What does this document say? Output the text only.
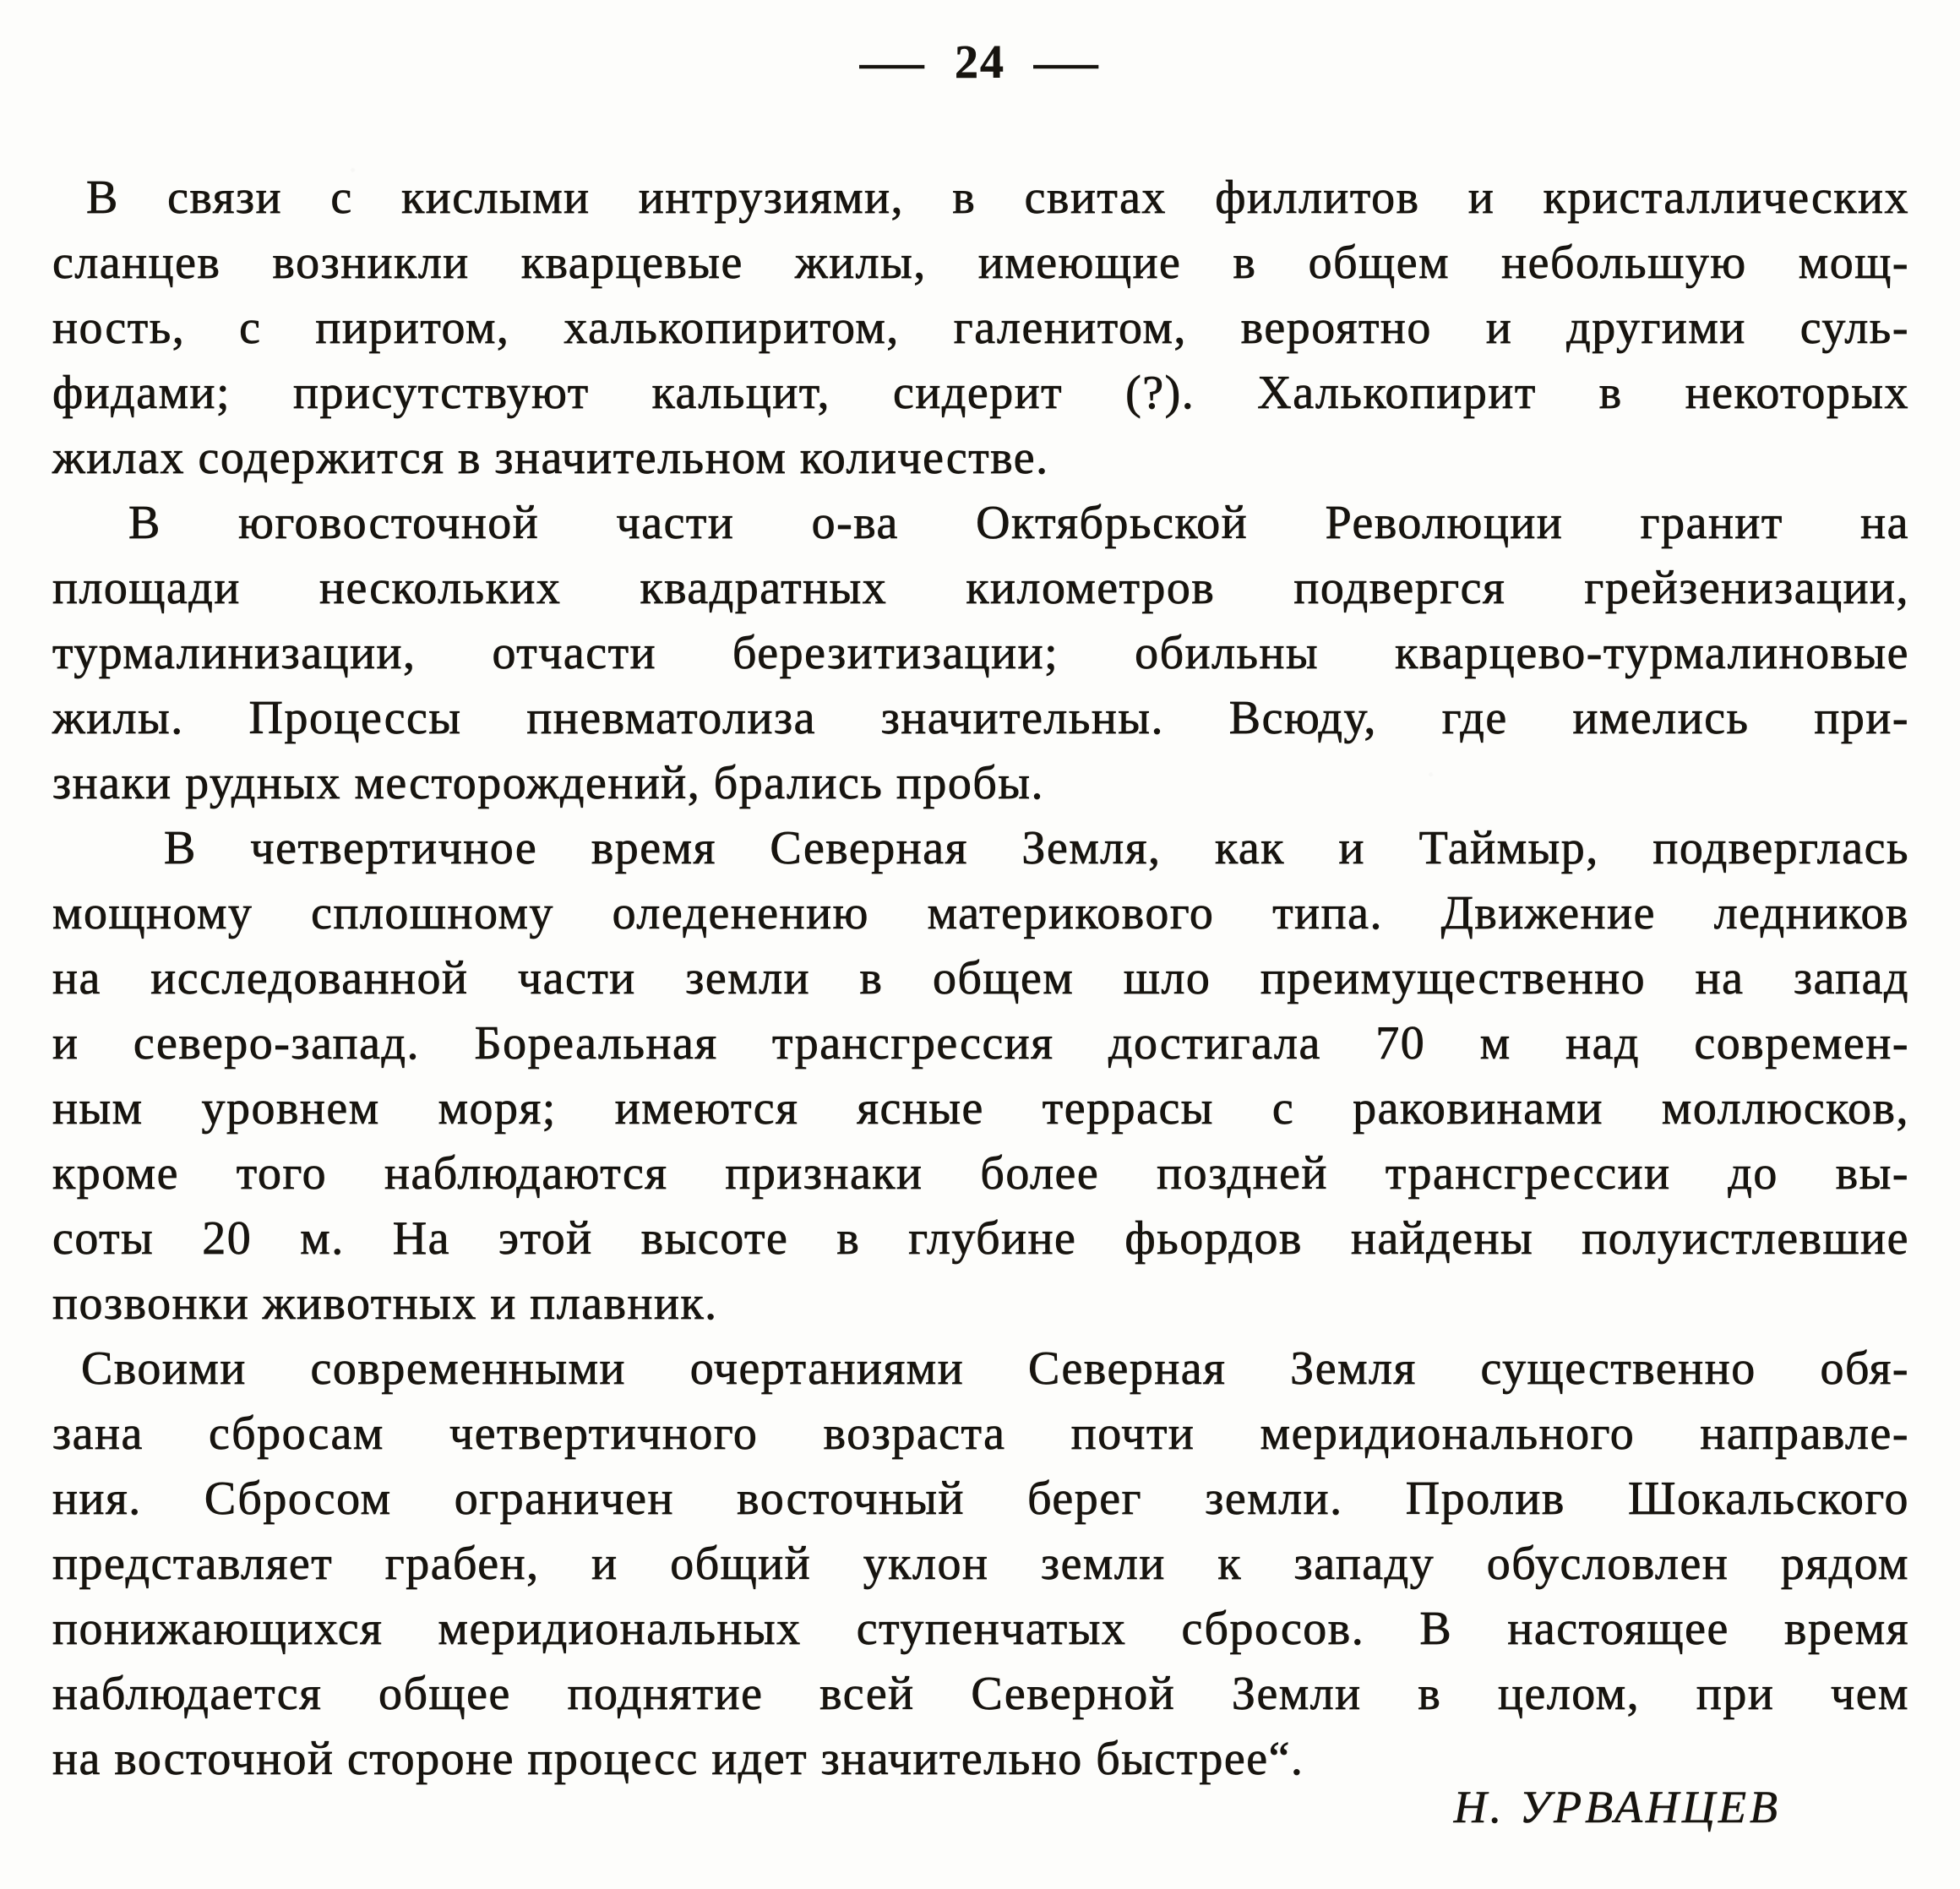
— 24 —
В связи с кислыми интрузиями, в свитах филлитов и кристаллических
сланцев возникли кварцевые жилы, имеющие в общем небольшую мощ-
ность, с пиритом, халькопиритом, галенитом, вероятно и другими суль-
фидами; присутствуют кальцит, сидерит (?). Халькопирит в некоторых
жилах содержится в значительном количестве.
В юговосточной части о-ва Октябрьской Революции гранит на
площади нескольких квадратных километров подвергся грейзенизации,
турмалинизации, отчасти березитизации; обильны кварцево-турмалиновые
жилы. Процессы пневматолиза значительны. Всюду, где имелись при-
знаки рудных месторождений, брались пробы.
В четвертичное время Северная Земля, как и Таймыр, подверглась
мощному сплошному оледенению материкового типа. Движение ледников
на исследованной части земли в общем шло преимущественно на запад
и северо-запад. Бореальная трансгрессия достигала 70 м над современ-
ным уровнем моря; имеются ясные террасы с раковинами моллюсков,
кроме того наблюдаются признаки более поздней трансгрессии до вы-
соты 20 м. На этой высоте в глубине фьордов найдены полуистлевшие
позвонки животных и плавник.
Своими современными очертаниями Северная Земля существенно обя-
зана сбросам четвертичного возраста почти меридионального направле-
ния. Сбросом ограничен восточный берег земли. Пролив Шокальского
представляет грабен, и общий уклон земли к западу обусловлен рядом
понижающихся меридиональных ступенчатых сбросов. В настоящее время
наблюдается общее поднятие всей Северной Земли в целом, при чем
на восточной стороне процесс идет значительно быстрее“.
Н. УРВАНЦЕВ
